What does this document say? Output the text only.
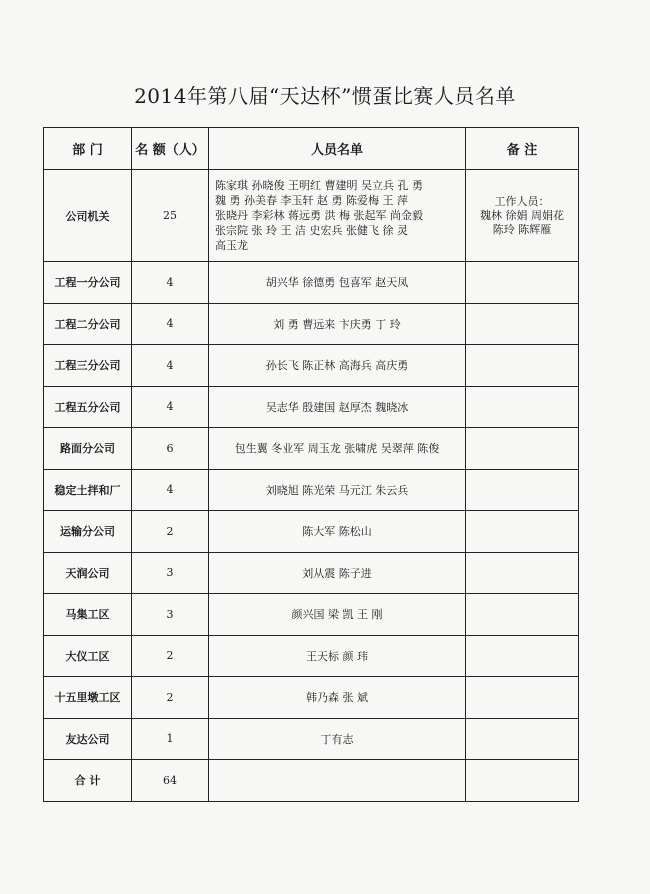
2014年第八届“天达杯”惯蛋比赛人员名单
部 门	名 额（人）	人员名单	备 注
公司机关	25	陈家琪 孙晓俊 王明红 曹建明 吴立兵 孔 勇
魏 勇 孙美春 李玉轩 赵 勇 陈爱梅 王 萍
张晓丹 李彩林 蒋远勇 洪 梅 张起军 尚金毅
张宗院 张 玲 王 洁 史宏兵 张健飞 徐 灵
高玉龙	工作人员：
魏林 徐娟 周娟花
陈玲 陈辉雁

工程一分公司	4	胡兴华 徐德勇 包喜军 赵天凤	
工程二分公司	4	刘 勇 曹远来 卞庆勇 丁 玲	
工程三分公司	4	孙长飞 陈正林 高海兵 高庆勇	
工程五分公司	4	吴志华 殷建国 赵厚杰 魏晓冰	
路面分公司	6	包生翼 冬业军 周玉龙 张啸虎 吴翠萍 陈俊	
稳定土拌和厂	4	刘晓旭 陈光荣 马元江 朱云兵	
运输分公司	2	陈大军 陈松山	
天润公司	3	刘从震 陈子进	
马集工区	3	颜兴国 梁 凯 王 刚	
大仪工区	2	王天标 颜 玮	
十五里墩工区	2	韩乃森 张 斌	
友达公司	1	丁有志	
合 计	64		
